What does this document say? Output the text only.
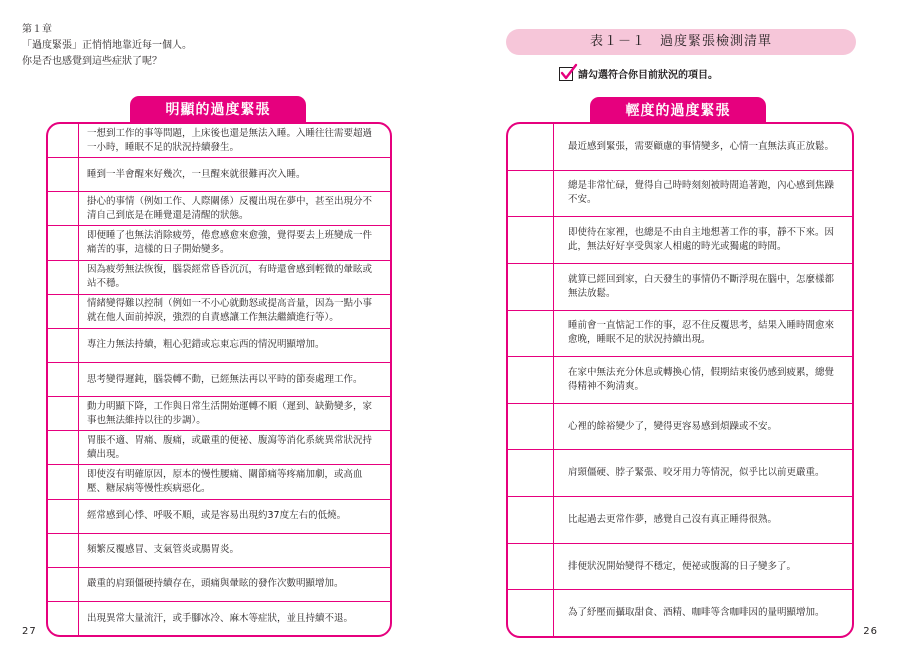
第１章
「過度緊張」正悄悄地靠近每一個人。
你是否也感覺到這些症狀了呢？
明顯的過度緊張
一想到工作的事等問題，上床後也還是無法入睡。入睡往往需要超過一小時，睡眠不足的狀況持續發生。
睡到一半會醒來好幾次，一旦醒來就很難再次入睡。
掛心的事情（例如工作、人際關係）反覆出現在夢中，甚至出現分不清自己到底是在睡覺還是清醒的狀態。
即便睡了也無法消除疲勞，倦怠感愈來愈強，覺得要去上班變成一件痛苦的事，這樣的日子開始變多。
因為疲勞無法恢復，腦袋經常昏昏沉沉，有時還會感到輕微的暈眩或站不穩。
情緒變得難以控制（例如一不小心就動怒或提高音量，因為一點小事就在他人面前掉淚，強烈的自責感讓工作無法繼續進行等）。
專注力無法持續，粗心犯錯或忘東忘西的情況明顯增加。
思考變得遲鈍，腦袋轉不動，已經無法再以平時的節奏處理工作。
動力明顯下降，工作與日常生活開始運轉不順（遲到、缺勤變多，家事也無法維持以往的步調）。
胃脹不適、胃痛、腹痛，或嚴重的便祕、腹瀉等消化系統異常狀況持續出現。
即使沒有明確原因，原本的慢性腰痛、關節痛等疼痛加劇，或高血壓、糖尿病等慢性疾病惡化。
經常感到心悸、呼吸不順，或是容易出現約37度左右的低燒。
頻繁反覆感冒、支氣管炎或腸胃炎。
嚴重的肩頸僵硬持續存在，頭痛與暈眩的發作次數明顯增加。
出現異常大量流汗，或手腳冰冷、麻木等症狀，並且持續不退。
27
表１－１　過度緊張檢測清單
請勾選符合你目前狀況的項目。
輕度的過度緊張
最近感到緊張，需要顧慮的事情變多，心情一直無法真正放鬆。
總是非常忙碌，覺得自己時時刻刻被時間追著跑，內心感到焦躁不安。
即使待在家裡，也總是不由自主地想著工作的事，靜不下來。因此，無法好好享受與家人相處的時光或獨處的時間。
就算已經回到家，白天發生的事情仍不斷浮現在腦中，怎麼樣都無法放鬆。
睡前會一直惦記工作的事，忍不住反覆思考，結果入睡時間愈來愈晚，睡眠不足的狀況持續出現。
在家中無法充分休息或轉換心情，假期結束後仍感到疲累，總覺得精神不夠清爽。
心裡的餘裕變少了，變得更容易感到煩躁或不安。
肩頸僵硬、脖子緊張、咬牙用力等情況，似乎比以前更嚴重。
比起過去更常作夢，感覺自己沒有真正睡得很熟。
排便狀況開始變得不穩定，便祕或腹瀉的日子變多了。
為了紓壓而攝取甜食、酒精、咖啡等含咖啡因的量明顯增加。
26
